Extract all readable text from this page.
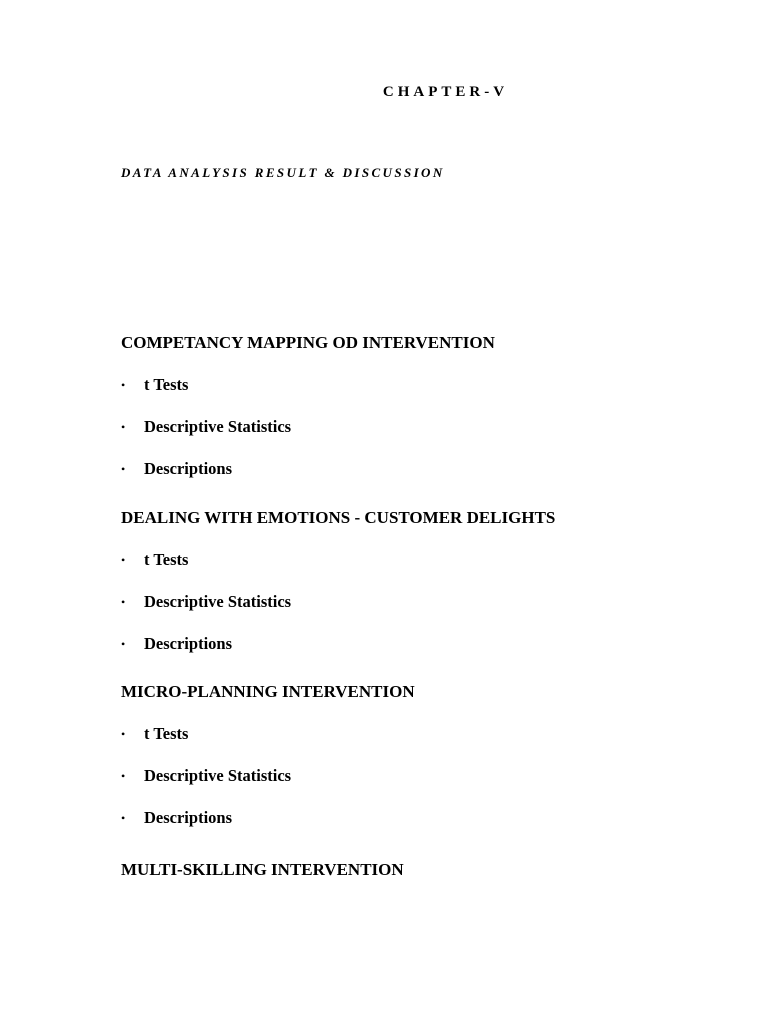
CHAPTER-V
DATA ANALYSIS RESULT & DISCUSSION
COMPETANCY MAPPING OD INTERVENTION
• t Tests
• Descriptive Statistics
• Descriptions
DEALING WITH EMOTIONS - CUSTOMER DELIGHTS
• t Tests
• Descriptive Statistics
• Descriptions
MICRO-PLANNING INTERVENTION
• t Tests
• Descriptive Statistics
• Descriptions
MULTI-SKILLING INTERVENTION
